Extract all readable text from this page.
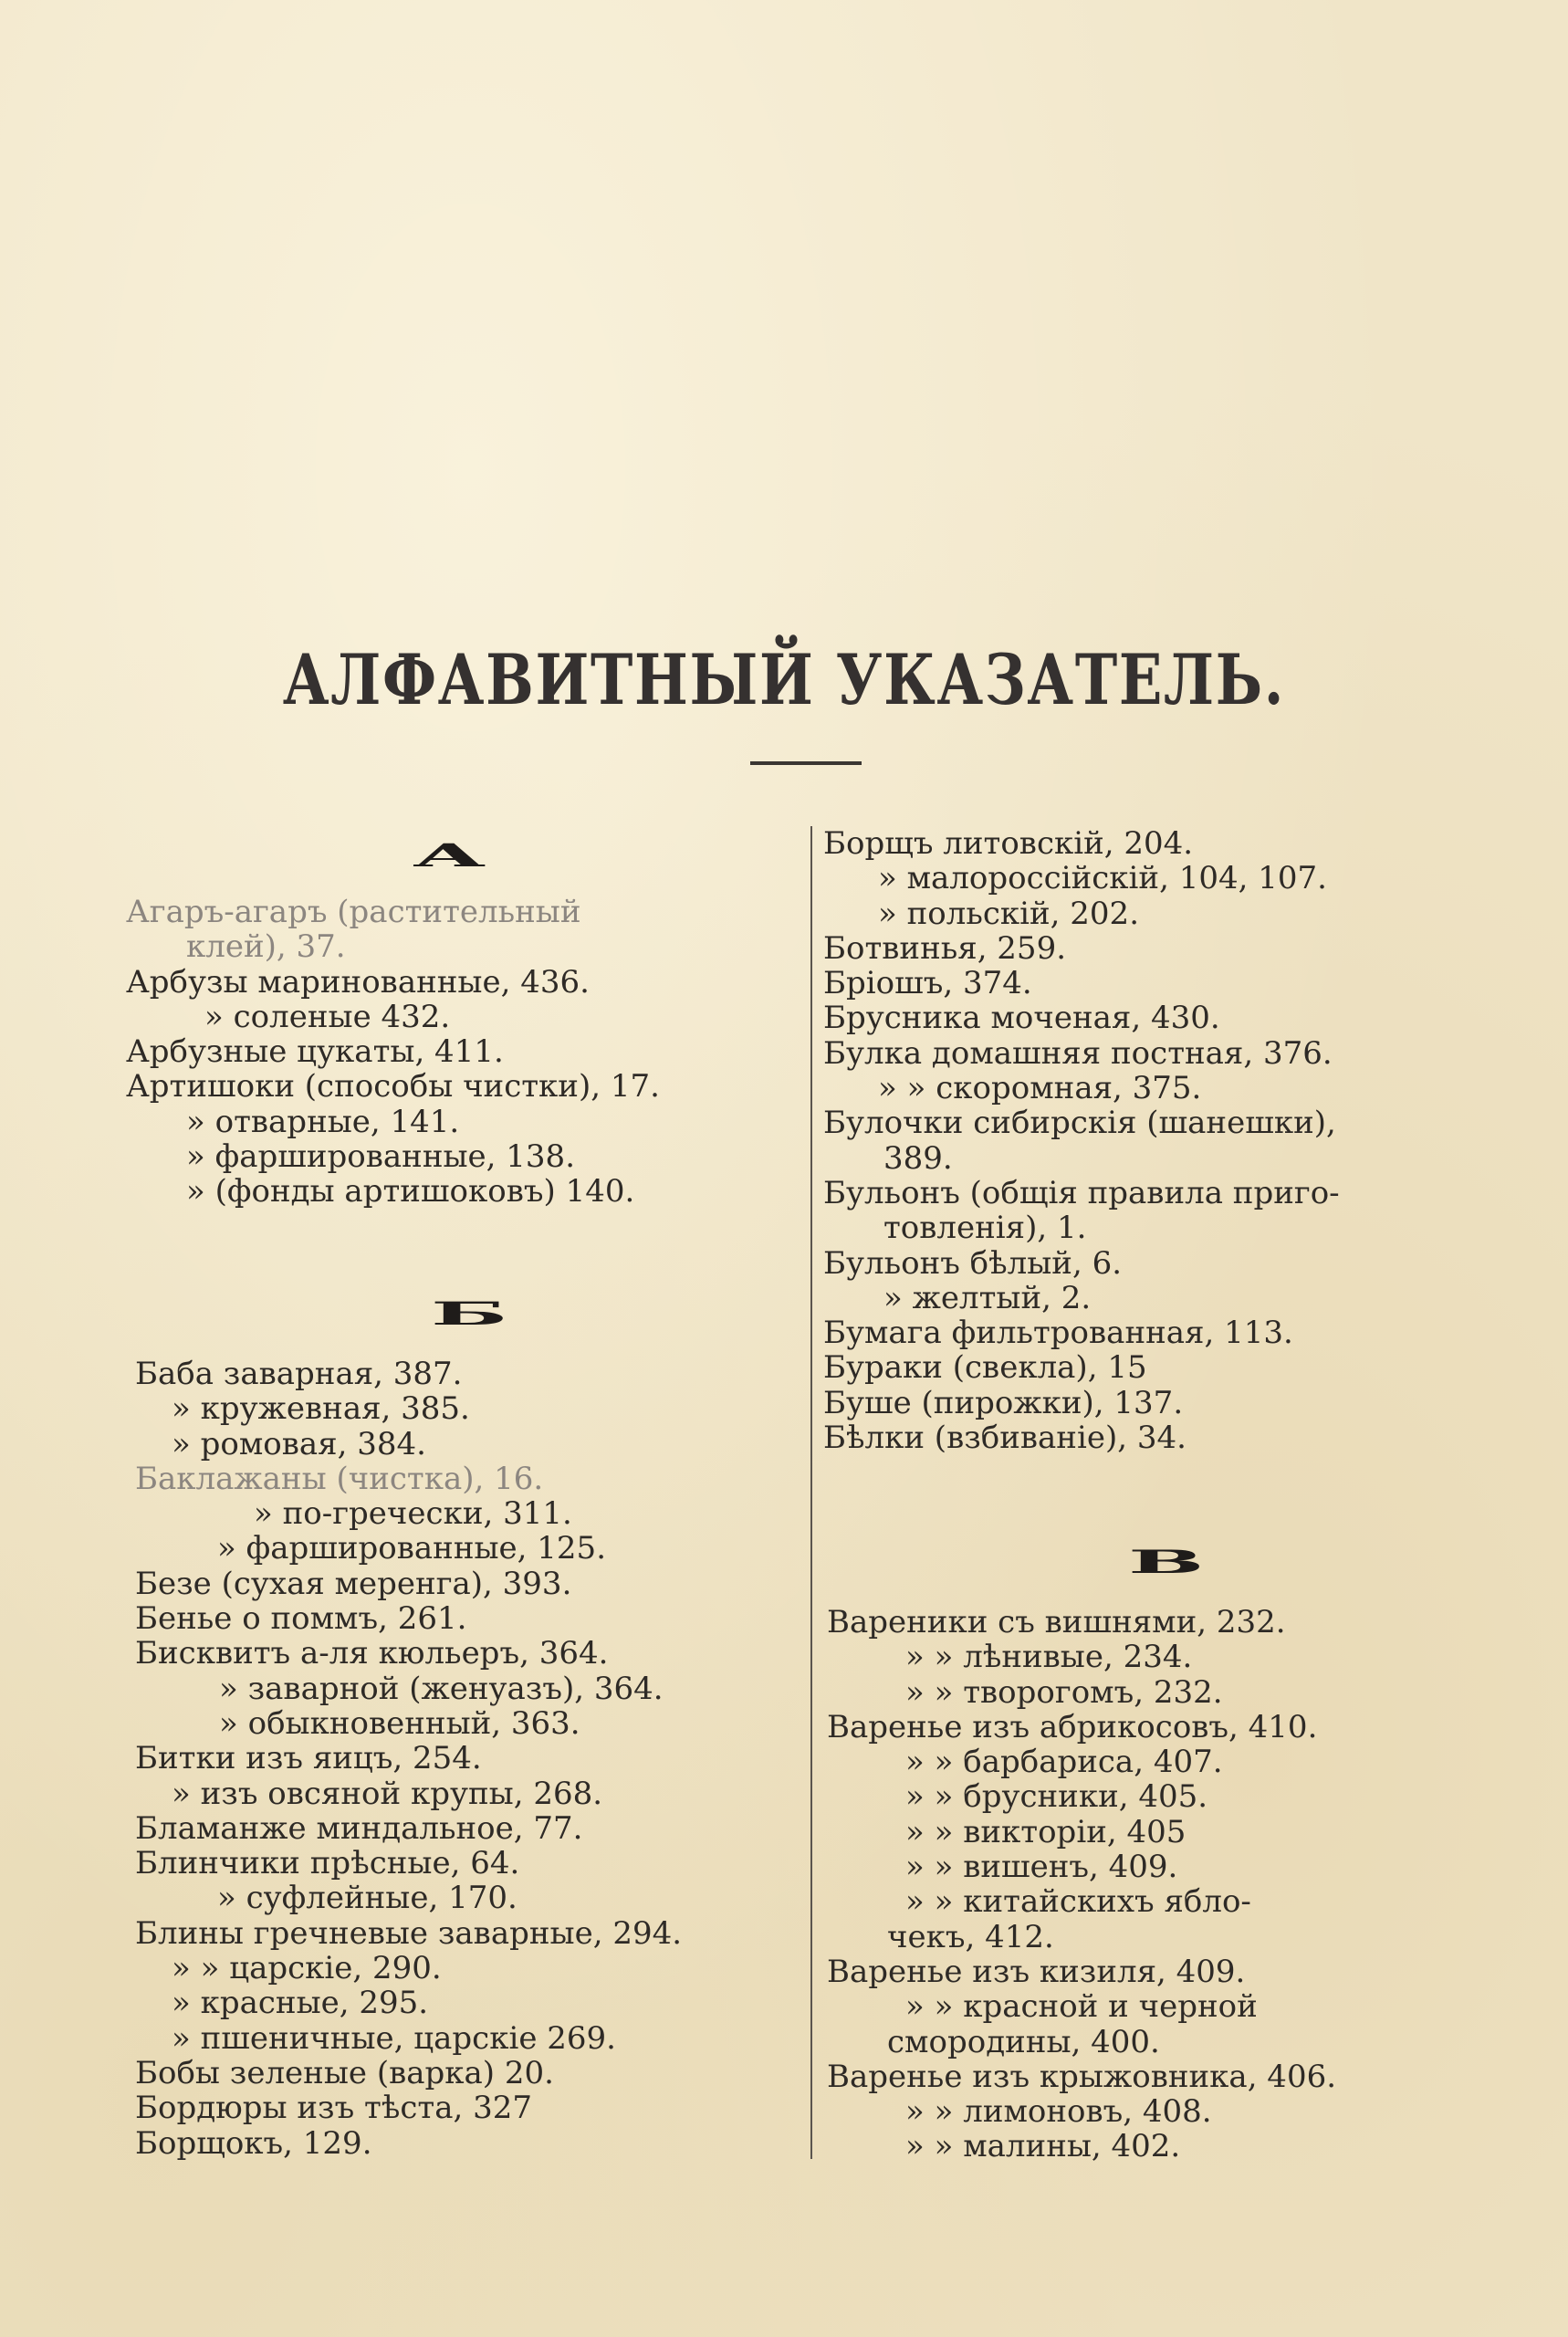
АЛФАВИТНЫЙ УКАЗАТЕЛЬ.
А
Агаръ-агаръ (растительный
клей), 37.
Арбузы маринованные, 436.
» соленые 432.
Арбузные цукаты, 411.
Артишоки (способы чистки), 17.
» отварные, 141.
» фаршированные, 138.
» (фонды артишоковъ) 140.
Б
Баба заварная, 387.
» кружевная, 385.
» ромовая, 384.
Баклажаны (чистка), 16.
» по-гречески, 311.
» фаршированные, 125.
Безе (сухая меренга), 393.
Бенье о поммъ, 261.
Бисквитъ а-ля кюльеръ, 364.
» заварной (женуазъ), 364.
» обыкновенный, 363.
Битки изъ яицъ, 254.
» изъ овсяной крупы, 268.
Бламанже миндальное, 77.
Блинчики прѣсные, 64.
» суфлейные, 170.
Блины гречневые заварные, 294.
» » царскіе, 290.
» красные, 295.
» пшеничные, царскіе 269.
Бобы зеленые (варка) 20.
Бордюры изъ тѣста, 327
Борщокъ, 129.
Борщъ литовскій, 204.
» малороссійскій, 104, 107.
» польскій, 202.
Ботвинья, 259.
Бріошъ, 374.
Брусника моченая, 430.
Булка домашняя постная, 376.
» » скоромная, 375.
Булочки сибирскія (шанешки),
389.
Бульонъ (общія правила приго-
товленія), 1.
Бульонъ бѣлый, 6.
» желтый, 2.
Бумага фильтрованная, 113.
Бураки (свекла), 15
Буше (пирожки), 137.
Бѣлки (взбиваніе), 34.
В
Вареники съ вишнями, 232.
» » лѣнивые, 234.
» » творогомъ, 232.
Варенье изъ абрикосовъ, 410.
» » барбариса, 407.
» » брусники, 405.
» » викторіи, 405
» » вишенъ, 409.
» » китайскихъ ябло-
чекъ, 412.
Варенье изъ кизиля, 409.
» » красной и черной
смородины, 400.
Варенье изъ крыжовника, 406.
» » лимоновъ, 408.
» » малины, 402.
